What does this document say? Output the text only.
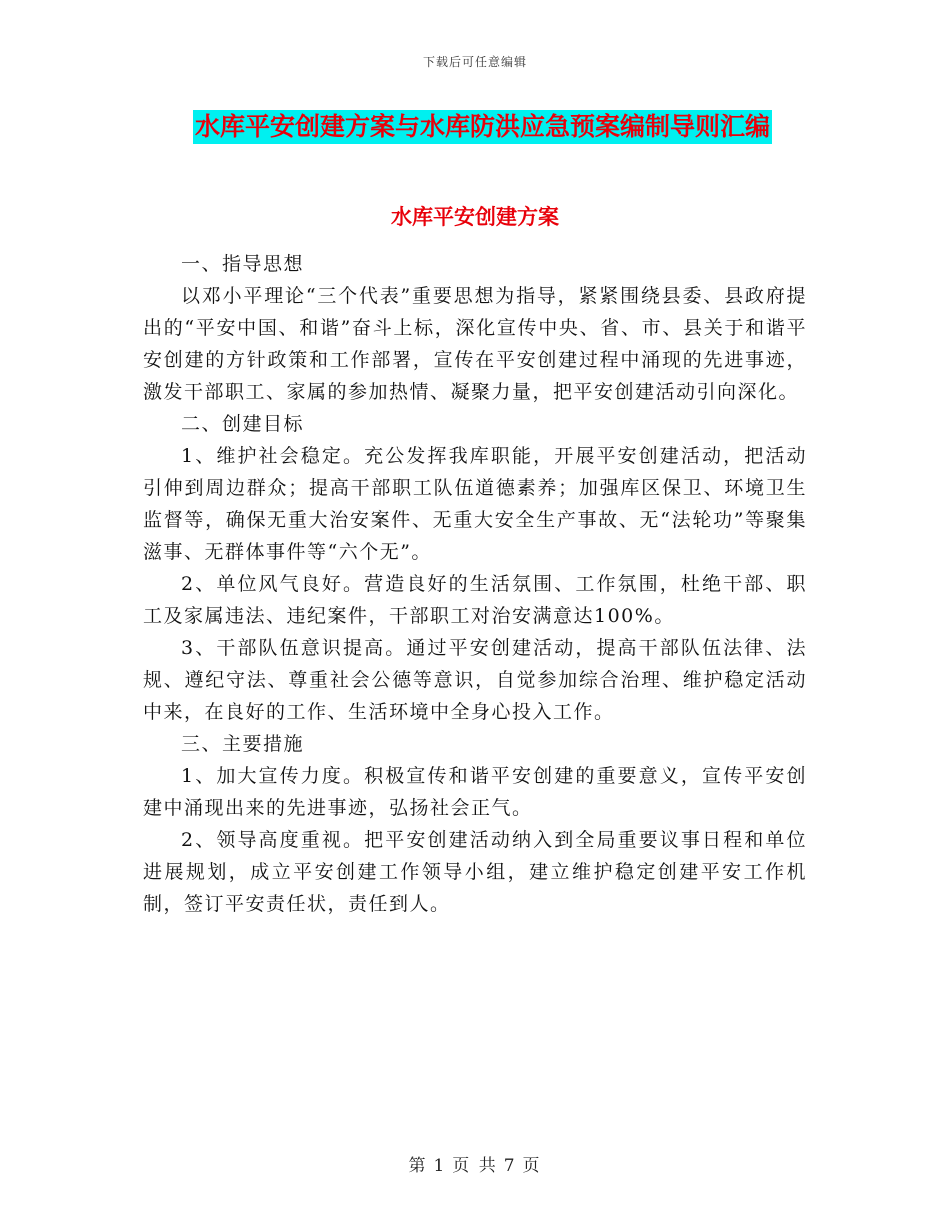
下载后可任意编辑
水库平安创建方案与水库防洪应急预案编制导则汇编
水库平安创建方案

一、指导思想

以邓小平理论“三个代表”重要思想为指导，紧紧围绕县委、县政府提出的“平安中国、和谐”奋斗上标，深化宣传中央、省、市、县关于和谐平安创建的方针政策和工作部署，宣传在平安创建过程中涌现的先进事迹，激发干部职工、家属的参加热情、凝聚力量，把平安创建活动引向深化。

二、创建目标

1、维护社会稳定。充公发挥我库职能，开展平安创建活动，把活动引伸到周边群众；提高干部职工队伍道德素养；加强库区保卫、环境卫生监督等，确保无重大治安案件、无重大安全生产事故、无“法轮功”等聚集滋事、无群体事件等“六个无”。

2、单位风气良好。营造良好的生活氛围、工作氛围，杜绝干部、职工及家属违法、违纪案件，干部职工对治安满意达100%。

3、干部队伍意识提高。通过平安创建活动，提高干部队伍法律、法规、遵纪守法、尊重社会公德等意识，自觉参加综合治理、维护稳定活动中来，在良好的工作、生活环境中全身心投入工作。

三、主要措施

1、加大宣传力度。积极宣传和谐平安创建的重要意义，宣传平安创建中涌现出来的先进事迹，弘扬社会正气。

2、领导高度重视。把平安创建活动纳入到全局重要议事日程和单位进展规划，成立平安创建工作领导小组，建立维护稳定创建平安工作机制，签订平安责任状，责任到人。

第 1 页 共 7 页
